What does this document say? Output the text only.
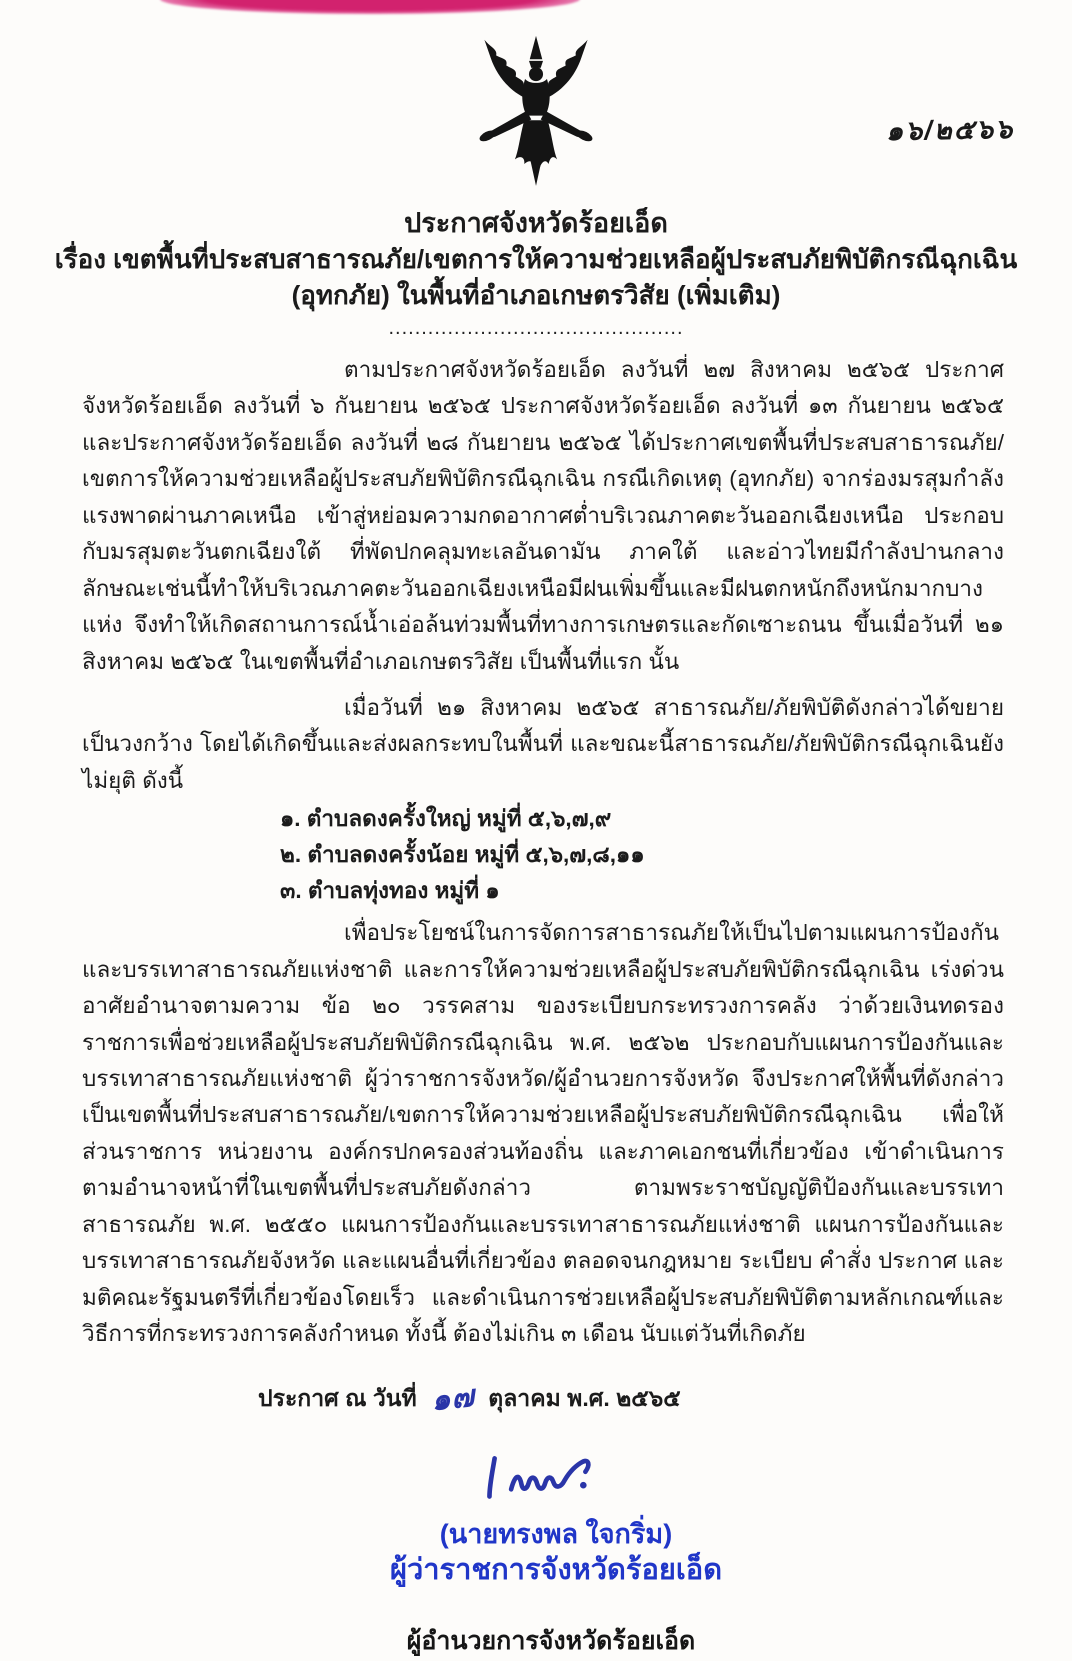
๑๖/๒๕๖๖
ประกาศจังหวัดร้อยเอ็ด
เรื่อง เขตพื้นที่ประสบสาธารณภัย/เขตการให้ความช่วยเหลือผู้ประสบภัยพิบัติกรณีฉุกเฉิน
(อุทกภัย) ในพื้นที่อำเภอเกษตรวิสัย (เพิ่มเติม)
.............................................

ตามประกาศจังหวัดร้อยเอ็ด ลงวันที่ ๒๗ สิงหาคม ๒๕๖๕ ประกาศจังหวัดร้อยเอ็ด ลงวันที่ ๖ กันยายน ๒๕๖๕ ประกาศจังหวัดร้อยเอ็ด ลงวันที่ ๑๓ กันยายน ๒๕๖๕ และประกาศจังหวัดร้อยเอ็ด ลงวันที่ ๒๘ กันยายน ๒๕๖๕ ได้ประกาศเขตพื้นที่ประสบสาธารณภัย/เขตการให้ความช่วยเหลือผู้ประสบภัยพิบัติกรณีฉุกเฉิน กรณีเกิดเหตุ (อุทกภัย) จากร่องมรสุมกำลังแรงพาดผ่านภาคเหนือ เข้าสู่หย่อมความกดอากาศต่ำบริเวณภาคตะวันออกเฉียงเหนือ ประกอบกับมรสุมตะวันตกเฉียงใต้ ที่พัดปกคลุมทะเลอันดามัน ภาคใต้ และอ่าวไทยมีกำลังปานกลาง ลักษณะเช่นนี้ทำให้บริเวณภาคตะวันออกเฉียงเหนือมีฝนเพิ่มขึ้นและมีฝนตกหนักถึงหนักมากบางแห่ง จึงทำให้เกิดสถานการณ์น้ำเอ่อล้นท่วมพื้นที่ทางการเกษตรและกัดเซาะถนน ขึ้นเมื่อวันที่ ๒๑ สิงหาคม ๒๕๖๕ ในเขตพื้นที่อำเภอเกษตรวิสัย เป็นพื้นที่แรก นั้น

เมื่อวันที่ ๒๑ สิงหาคม ๒๕๖๕ สาธารณภัย/ภัยพิบัติดังกล่าวได้ขยายเป็นวงกว้าง โดยได้เกิดขึ้นและส่งผลกระทบในพื้นที่ และขณะนี้สาธารณภัย/ภัยพิบัติกรณีฉุกเฉินยังไม่ยุติ ดังนี้

๑. ตำบลดงครั้งใหญ่ หมู่ที่ ๕,๖,๗,๙
๒. ตำบลดงครั้งน้อย หมู่ที่ ๕,๖,๗,๘,๑๑
๓. ตำบลทุ่งทอง หมู่ที่ ๑

เพื่อประโยชน์ในการจัดการสาธารณภัยให้เป็นไปตามแผนการป้องกันและบรรเทาสาธารณภัยแห่งชาติ และการให้ความช่วยเหลือผู้ประสบภัยพิบัติกรณีฉุกเฉิน เร่งด่วน อาศัยอำนาจตามความ ข้อ ๒๐ วรรคสาม ของระเบียบกระทรวงการคลัง ว่าด้วยเงินทดรองราชการเพื่อช่วยเหลือผู้ประสบภัยพิบัติกรณีฉุกเฉิน พ.ศ. ๒๕๖๒ ประกอบกับแผนการป้องกันและบรรเทาสาธารณภัยแห่งชาติ ผู้ว่าราชการจังหวัด/ผู้อำนวยการจังหวัด จึงประกาศให้พื้นที่ดังกล่าว เป็นเขตพื้นที่ประสบสาธารณภัย/เขตการให้ความช่วยเหลือผู้ประสบภัยพิบัติกรณีฉุกเฉิน เพื่อให้ส่วนราชการ หน่วยงาน องค์กรปกครองส่วนท้องถิ่น และภาคเอกชนที่เกี่ยวข้อง เข้าดำเนินการตามอำนาจหน้าที่ในเขตพื้นที่ประสบภัยดังกล่าว ตามพระราชบัญญัติป้องกันและบรรเทาสาธารณภัย พ.ศ. ๒๕๕๐ แผนการป้องกันและบรรเทาสาธารณภัยแห่งชาติ แผนการป้องกันและบรรเทาสาธารณภัยจังหวัด และแผนอื่นที่เกี่ยวข้อง ตลอดจนกฎหมาย ระเบียบ คำสั่ง ประกาศ และมติคณะรัฐมนตรีที่เกี่ยวข้องโดยเร็ว และดำเนินการช่วยเหลือผู้ประสบภัยพิบัติตามหลักเกณฑ์และวิธีการที่กระทรวงการคลังกำหนด ทั้งนี้ ต้องไม่เกิน ๓ เดือน นับแต่วันที่เกิดภัย

ประกาศ ณ วันที่ ๑๗ ตุลาคม พ.ศ. ๒๕๖๕
(นายทรงพล ใจกริ่ม)
ผู้ว่าราชการจังหวัดร้อยเอ็ด
ผู้อำนวยการจังหวัดร้อยเอ็ด
